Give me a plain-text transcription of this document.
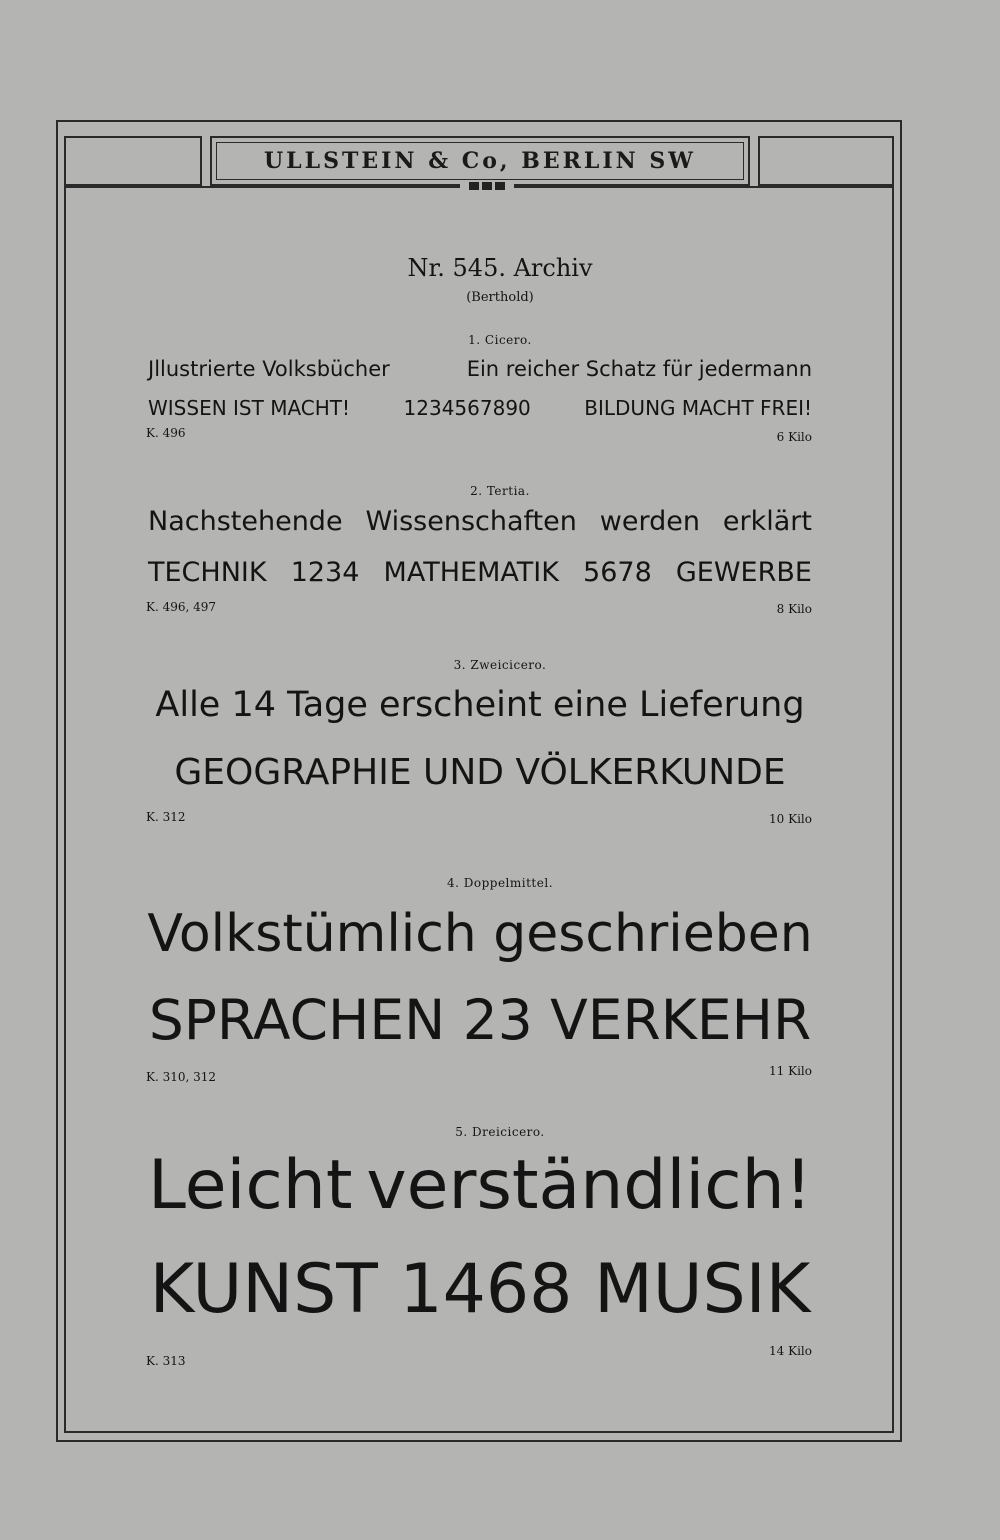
ULLSTEIN & Co, BERLIN SW
Nr. 545. Archiv
(Berthold)
1. Cicero.
Jllustrierte Volksbücher	Ein reicher Schatz für jedermann
WISSEN IST MACHT!	1234567890	BILDUNG MACHT FREI!
K. 496	6 Kilo
2. Tertia.
Nachstehende Wissenschaften werden erklärt
TECHNIK 1234 MATHEMATIK 5678 GEWERBE
K. 496, 497	8 Kilo
3. Zweicicero.
Alle 14 Tage erscheint eine Lieferung
GEOGRAPHIE UND VÖLKERKUNDE
K. 312	10 Kilo
4. Doppelmittel.
Volkstümlich geschrieben
SPRACHEN 23 VERKEHR
K. 310, 312	11 Kilo
5. Dreicicero.
Leicht verständlich!
KUNST 1468 MUSIK
K. 313
14 Kilo
